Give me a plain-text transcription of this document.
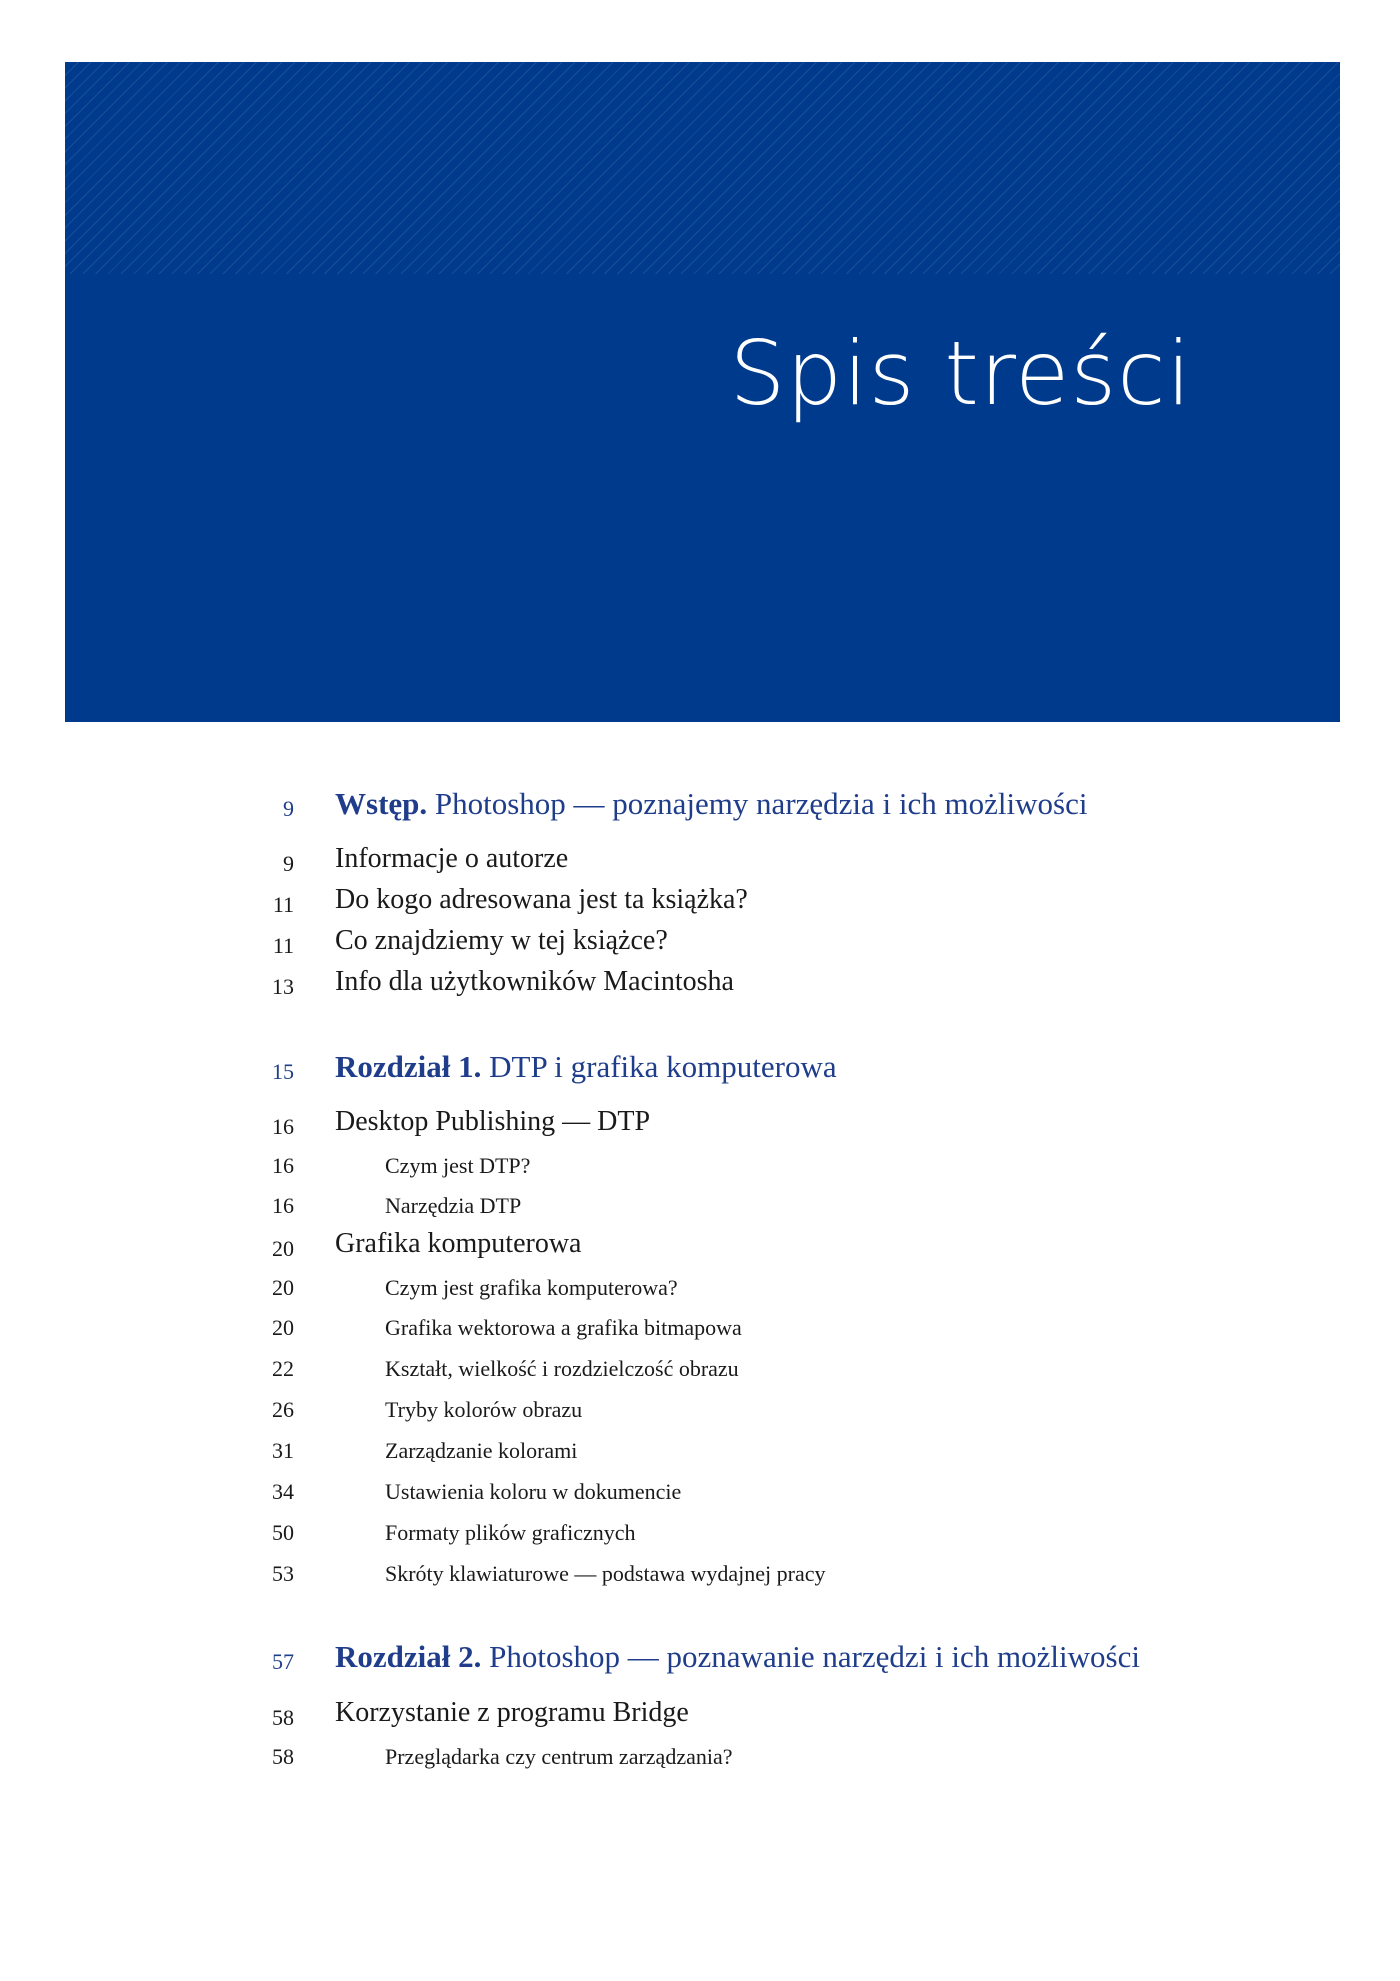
Spis treści
9 Wstęp. Photoshop — poznajemy narzędzia i ich możliwości
9 Informacje o autorze
11 Do kogo adresowana jest ta książka?
11 Co znajdziemy w tej książce?
13 Info dla użytkowników Macintosha
15 Rozdział 1. DTP i grafika komputerowa
16 Desktop Publishing — DTP
16	Czym jest DTP?
16	Narzędzia DTP
20 Grafika komputerowa
20	Czym jest grafika komputerowa?
20	Grafika wektorowa a grafika bitmapowa
22	Kształt, wielkość i rozdzielczość obrazu
26	Tryby kolorów obrazu
31	Zarządzanie kolorami
34	Ustawienia koloru w dokumencie
50	Formaty plików graficznych
53	Skróty klawiaturowe — podstawa wydajnej pracy
57 Rozdział 2. Photoshop — poznawanie narzędzi i ich możliwości
58 Korzystanie z programu Bridge
58	Przeglądarka czy centrum zarządzania?
